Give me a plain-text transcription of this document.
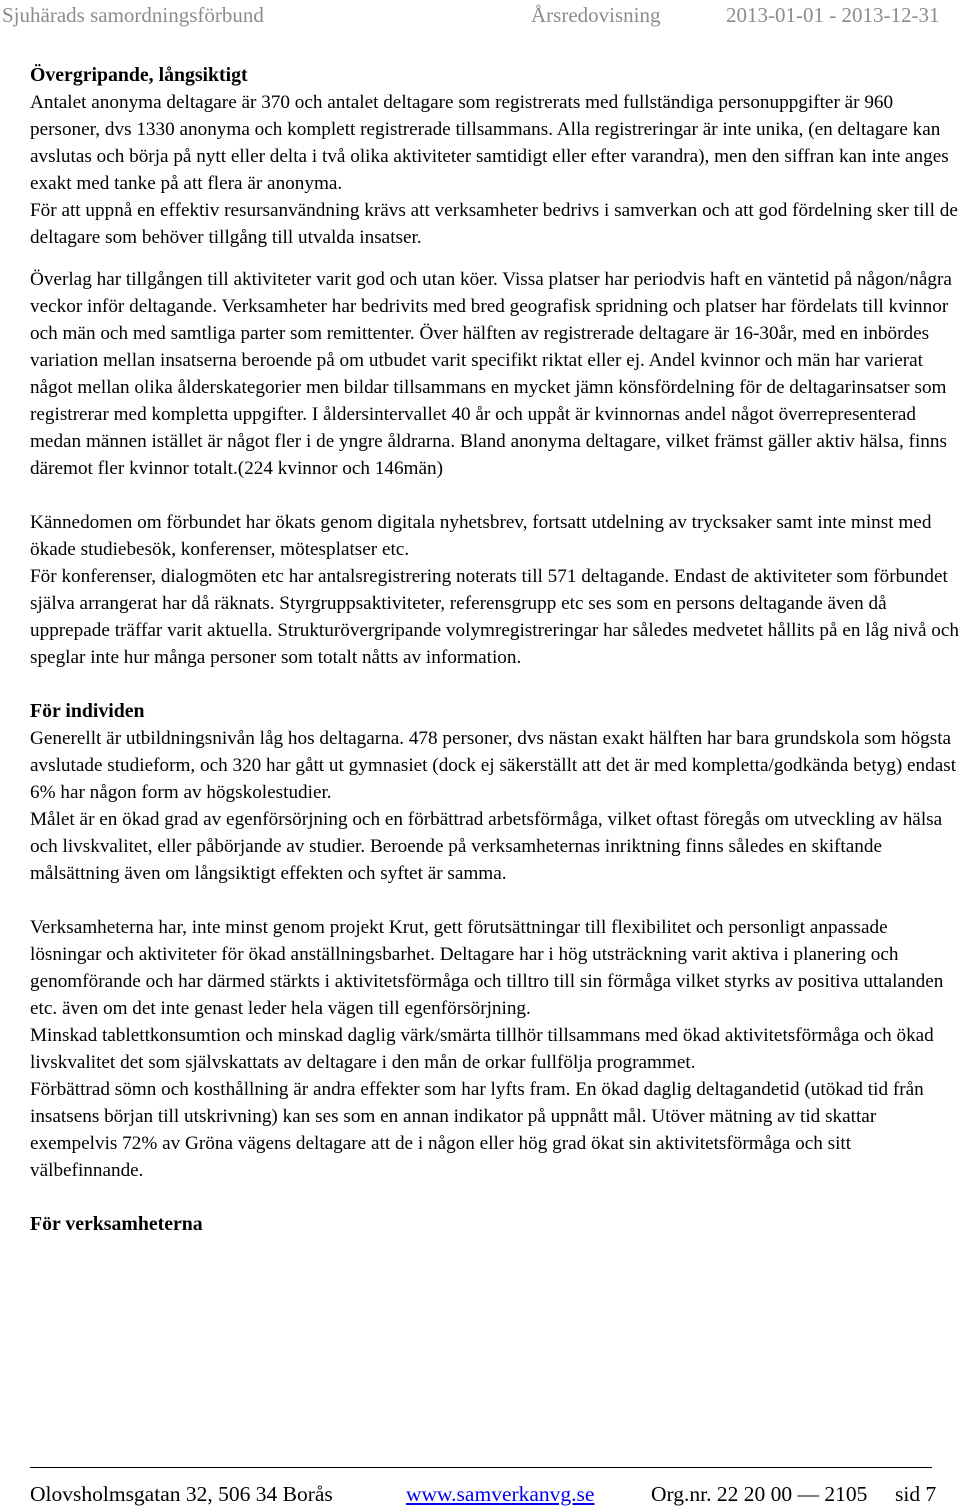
Sjuhärads samordningsförbund	Årsredovisning	2013-01-01 - 2013-12-31

Övergripande, långsiktigt

Antalet anonyma deltagare är 370 och antalet deltagare som registrerats med fullständiga personuppgifter är 960 personer, dvs 1330 anonyma och komplett registrerade tillsammans. Alla registreringar är inte unika, (en deltagare kan avslutas och börja på nytt eller delta i två olika aktiviteter samtidigt eller efter varandra), men den siffran kan inte anges exakt med tanke på att flera är anonyma.

För att uppnå en effektiv resursanvändning krävs att verksamheter bedrivs i samverkan och att god fördelning sker till de deltagare som behöver tillgång till utvalda insatser.

Överlag har tillgången till aktiviteter varit god och utan köer. Vissa platser har periodvis haft en väntetid på någon/några veckor inför deltagande. Verksamheter har bedrivits med bred geografisk spridning och platser har fördelats till kvinnor och män och med samtliga parter som remittenter. Över hälften av registrerade deltagare är 16-30år, med en inbördes variation mellan insatserna beroende på om utbudet varit specifikt riktat eller ej. Andel kvinnor och män har varierat något mellan olika ålderskategorier men bildar tillsammans en mycket jämn könsfördelning för de deltagarinsatser som registrerar med kompletta uppgifter. I åldersintervallet 40 år och uppåt är kvinnornas andel något överrepresenterad medan männen istället är något fler i de yngre åldrarna. Bland anonyma deltagare, vilket främst gäller aktiv hälsa, finns däremot fler kvinnor totalt.(224 kvinnor och 146män)

Kännedomen om förbundet har ökats genom digitala nyhetsbrev, fortsatt utdelning av trycksaker samt inte minst med ökade studiebesök, konferenser, mötesplatser etc.

För konferenser, dialogmöten etc har antalsregistrering noterats till 571 deltagande. Endast de aktiviteter som förbundet själva arrangerat har då räknats. Styrgruppsaktiviteter, referensgrupp etc ses som en persons deltagande även då upprepade träffar varit aktuella. Strukturövergripande volymregistreringar har således medvetet hållits på en låg nivå och speglar inte hur många personer som totalt nåtts av information.

För individen

Generellt är utbildningsnivån låg hos deltagarna. 478 personer, dvs nästan exakt hälften har bara grundskola som högsta avslutade studieform, och 320 har gått ut gymnasiet (dock ej säkerställt att det är med kompletta/godkända betyg) endast 6% har någon form av högskolestudier.

Målet är en ökad grad av egenförsörjning och en förbättrad arbetsförmåga, vilket oftast föregås om utveckling av hälsa och livskvalitet, eller påbörjande av studier. Beroende på verksamheternas inriktning finns således en skiftande målsättning även om långsiktigt effekten och syftet är samma.

Verksamheterna har, inte minst genom projekt Krut, gett förutsättningar till flexibilitet och personligt anpassade lösningar och aktiviteter för ökad anställningsbarhet. Deltagare har i hög utsträckning varit aktiva i planering och genomförande och har därmed stärkts i aktivitetsförmåga och tilltro till sin förmåga vilket styrks av positiva uttalanden etc. även om det inte genast leder hela vägen till egenförsörjning.

Minskad tablettkonsumtion och minskad daglig värk/smärta tillhör tillsammans med ökad aktivitetsförmåga och ökad livskvalitet det som självskattats av deltagare i den mån de orkar fullfölja programmet.

Förbättrad sömn och kosthållning är andra effekter som har lyfts fram. En ökad daglig deltagandetid (utökad tid från insatsens början till utskrivning) kan ses som en annan indikator på uppnått mål. Utöver mätning av tid skattar exempelvis 72% av Gröna vägens deltagare att de i någon eller hög grad ökat sin aktivitetsförmåga och sitt välbefinnande.

För verksamheterna

Olovsholmsgatan 32, 506 34 Borås	www.samverkanvg.se	Org.nr. 22 20 00 — 2105 sid 7
